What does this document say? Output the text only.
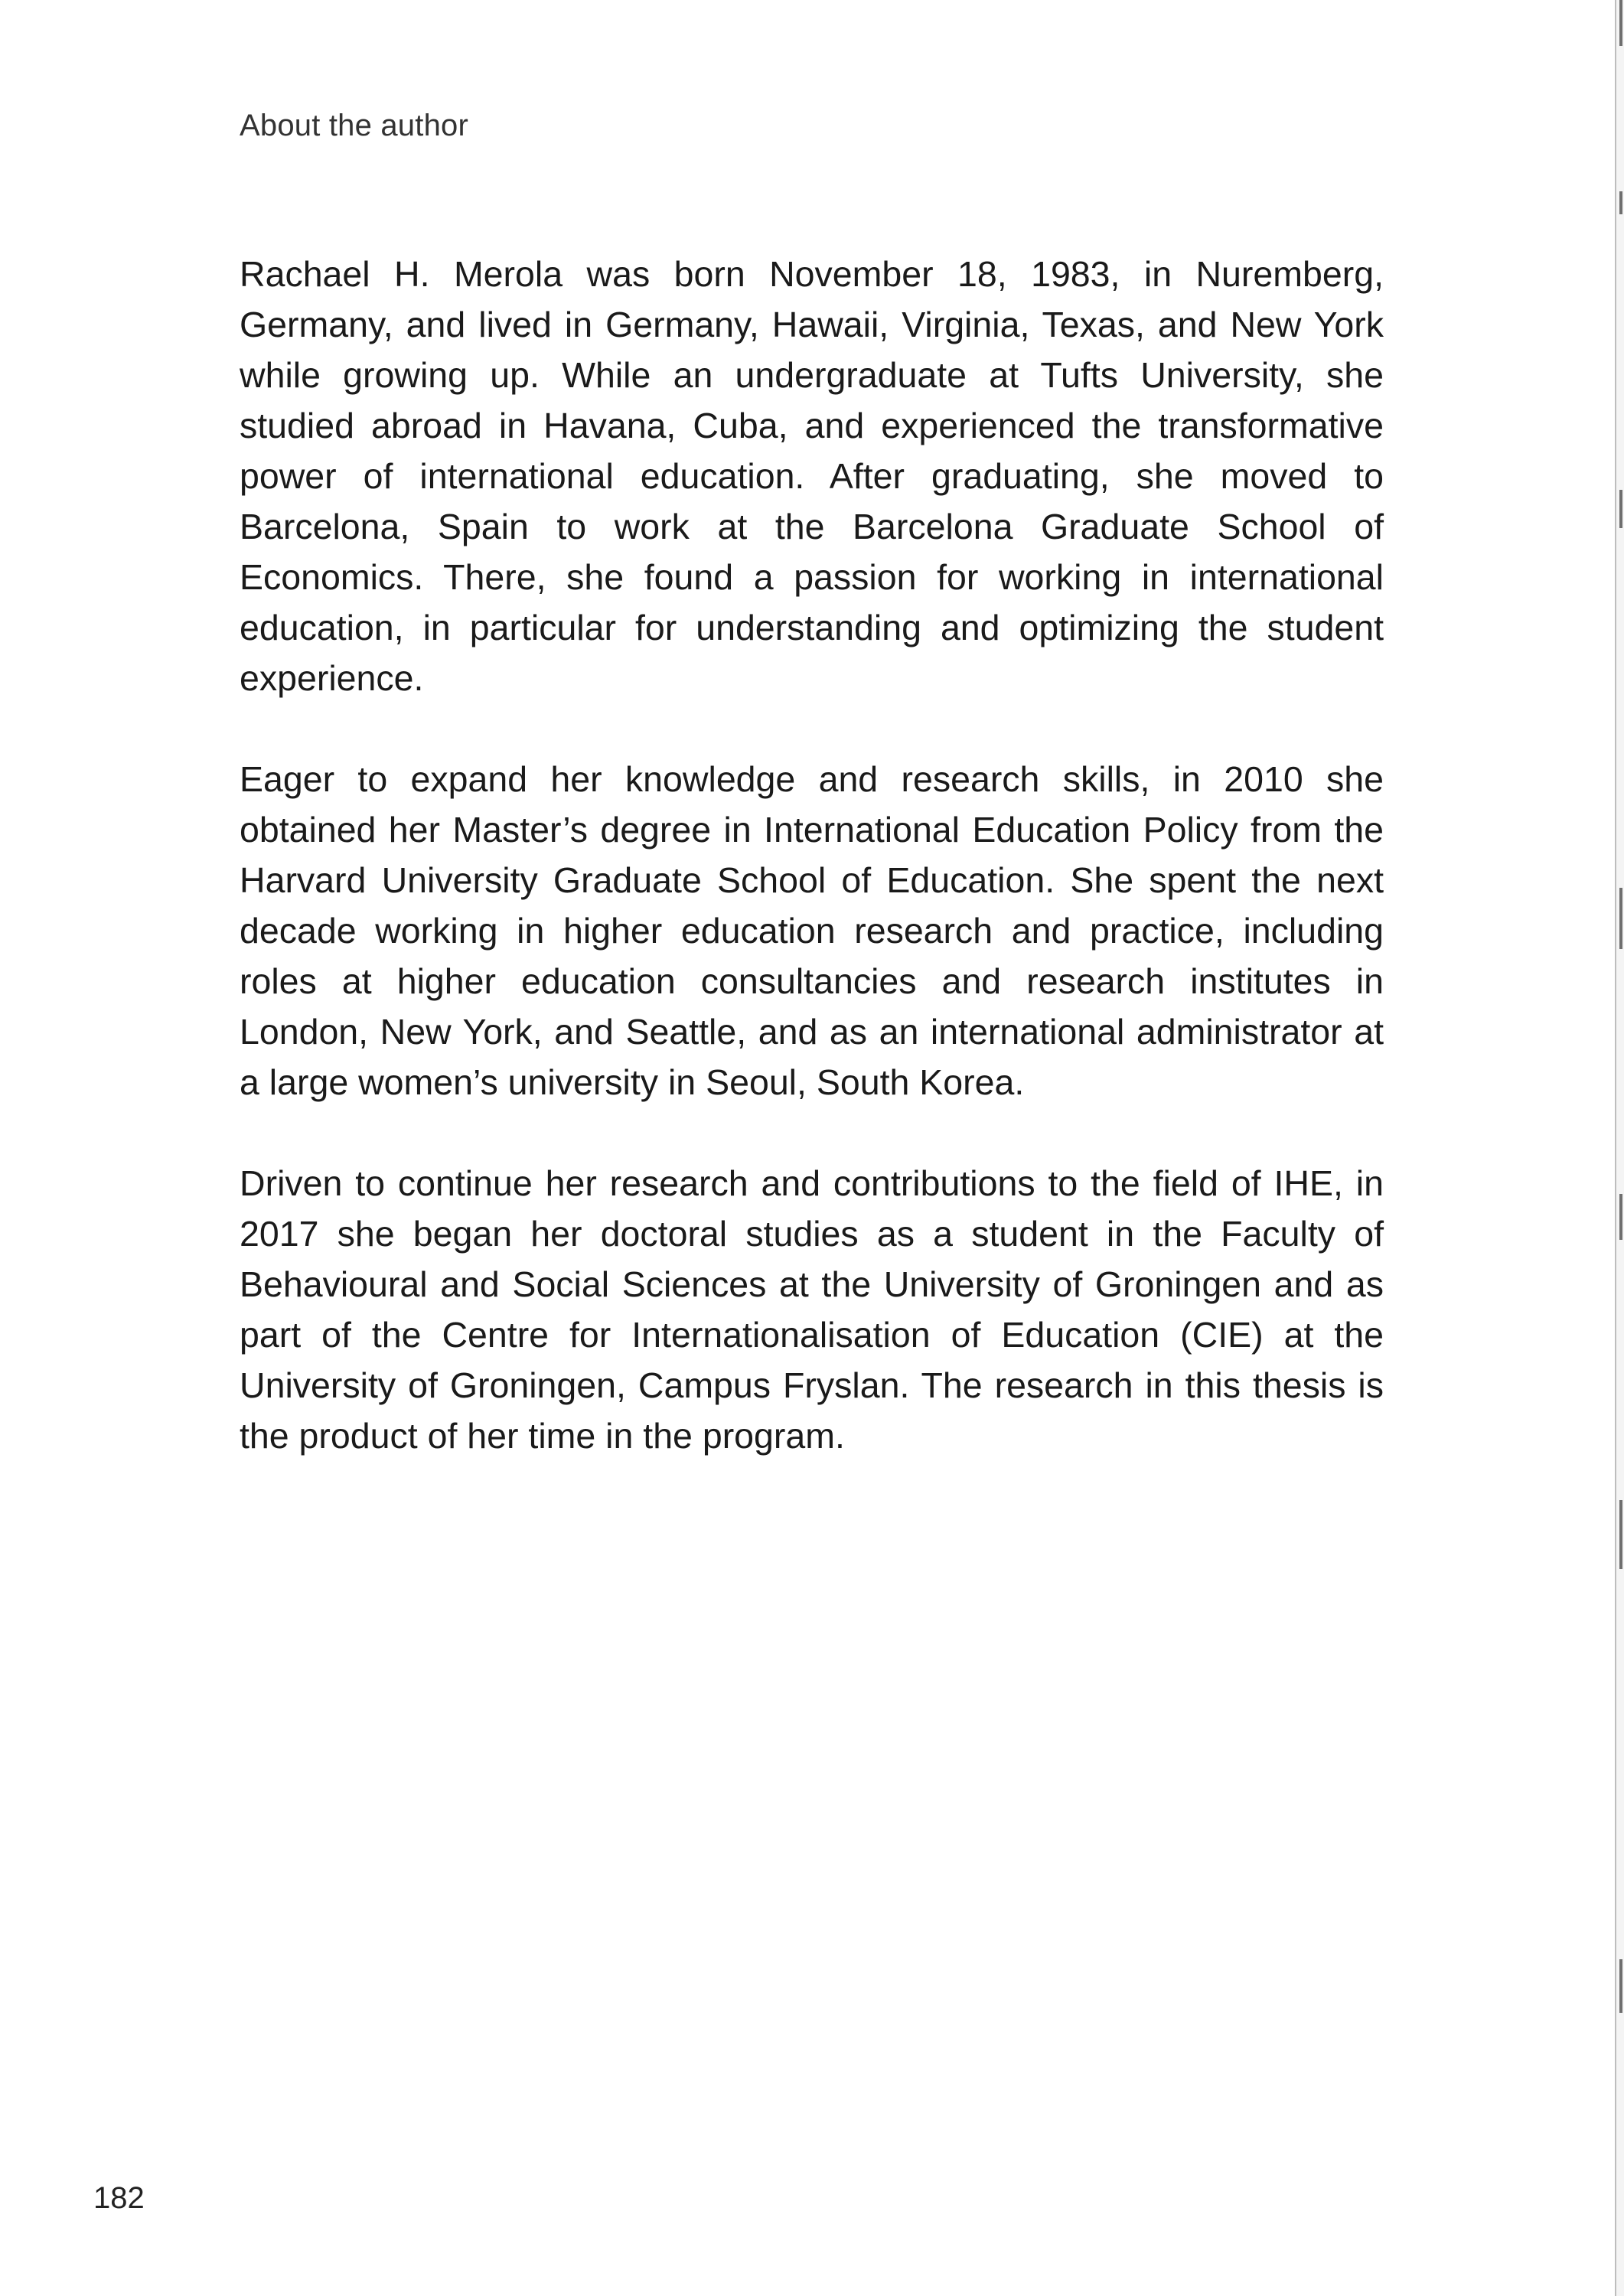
About the author

Rachael H. Merola was born November 18, 1983, in Nuremberg, Germany, and lived in Germany, Hawaii, Virginia, Texas, and New York while growing up. While an undergraduate at Tufts University, she studied abroad in Havana, Cuba, and experienced the transformative power of international education. After graduating, she moved to Barcelona, Spain to work at the Barcelona Graduate School of Economics. There, she found a passion for working in international education, in particular for understanding and optimizing the student experience.

Eager to expand her knowledge and research skills, in 2010 she obtained her Master’s degree in International Education Policy from the Harvard University Graduate School of Education. She spent the next decade working in higher education research and practice, including roles at higher education consultancies and research institutes in London, New York, and Seattle, and as an international administrator at a large women’s university in Seoul, South Korea.

Driven to continue her research and contributions to the field of IHE, in 2017 she began her doctoral studies as a student in the Faculty of Behavioural and Social Sciences at the University of Groningen and as part of the Centre for Internationalisation of Education (CIE) at the University of Groningen, Campus Fryslan. The research in this thesis is the product of her time in the program.

182
